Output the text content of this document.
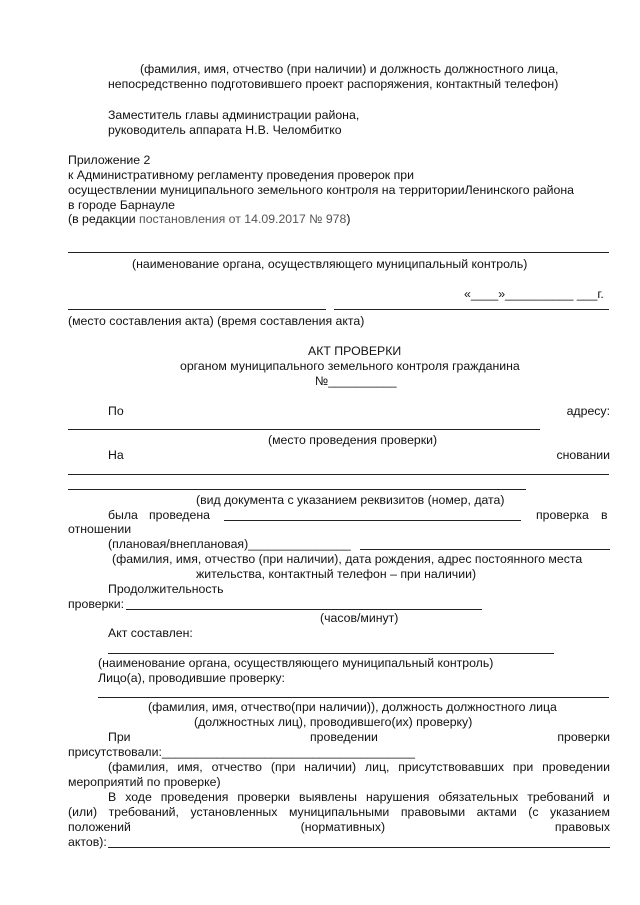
(фамилия, имя, отчество (при наличии) и должность должностного лица,
непосредственно подготовившего проект распоряжения, контактный телефон)
Заместитель главы администрации района,
руководитель аппарата Н.В. Челомбитко
Приложение 2
к Административному регламенту проведения проверок при
осуществлении муниципального земельного контроля на территорииЛенинского района
в городе Барнауле
(в редакции постановления от 14.09.2017 № 978)
(наименование органа, осуществляющего муниципальный контроль)
«____»__________ ___г.
(место составления акта) (время составления акта)
АКТ ПРОВЕРКИ
органом муниципального земельного контроля гражданина
№__________
По	адресу:
(место проведения проверки)
На	сновании
(вид документа с указанием реквизитов (номер, дата)
была проведена	проверка в
отношении
(плановая/внеплановая)_______________
(фамилия, имя, отчество (при наличии), дата рождения, адрес постоянного места
жительства, контактный телефон – при наличии)
Продолжительность
проверки:
(часов/минут)
Акт составлен:
(наименование органа, осуществляющего муниципальный контроль)
Лицо(а), проводившие проверку:
(фамилия, имя, отчество(при наличии)), должность должностного лица
(должностных лиц), проводившего(их) проверку)
При	проведении	проверки
присутствовали:_____________________________________
(фамилия, имя, отчество (при наличии) лиц, присутствовавших при проведении
мероприятий по проверке)
В ходе проведения проверки выявлены нарушения обязательных требований и
(или) требований, установленных муниципальными правовыми актами (с указанием
положений	(нормативных)	правовых
актов):
